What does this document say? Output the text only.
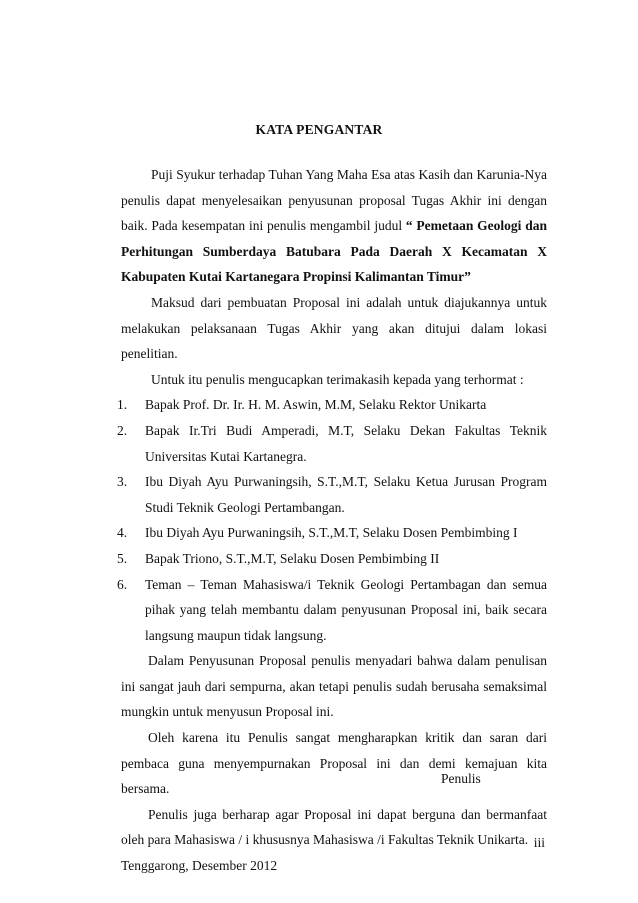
KATA PENGANTAR

Puji Syukur terhadap Tuhan Yang Maha Esa atas Kasih dan Karunia-Nya penulis dapat menyelesaikan penyusunan proposal Tugas Akhir ini dengan baik. Pada kesempatan ini penulis mengambil judul “ Pemetaan Geologi dan Perhitungan Sumberdaya Batubara Pada Daerah X Kecamatan X Kabupaten Kutai Kartanegara Propinsi Kalimantan Timur”

Maksud dari pembuatan Proposal ini adalah untuk diajukannya untuk melakukan pelaksanaan Tugas Akhir yang akan ditujui dalam lokasi penelitian.

Untuk itu penulis mengucapkan terimakasih kepada yang terhormat :

1. Bapak Prof. Dr. Ir. H. M. Aswin, M.M, Selaku Rektor Unikarta
2. Bapak Ir.Tri Budi Amperadi, M.T, Selaku Dekan Fakultas Teknik Universitas Kutai Kartanegra.
3. Ibu Diyah Ayu Purwaningsih, S.T.,M.T, Selaku Ketua Jurusan Program Studi Teknik Geologi Pertambangan.
4. Ibu Diyah Ayu Purwaningsih, S.T.,M.T, Selaku Dosen Pembimbing I
5. Bapak Triono, S.T.,M.T, Selaku Dosen Pembimbing II
6. Teman – Teman Mahasiswa/i Teknik Geologi Pertambagan dan semua pihak yang telah membantu dalam penyusunan Proposal ini, baik secara langsung maupun tidak langsung.

Dalam Penyusunan Proposal penulis menyadari bahwa dalam penulisan ini sangat jauh dari sempurna, akan tetapi penulis sudah berusaha semaksimal mungkin untuk menyusun Proposal ini.

Oleh karena itu Penulis sangat mengharapkan kritik dan saran dari pembaca guna menyempurnakan Proposal ini dan demi kemajuan kita bersama.

Penulis juga berharap agar Proposal ini dapat berguna dan bermanfaat oleh para Mahasiswa / i khususnya Mahasiswa /i Fakultas Teknik Unikarta.

Tenggarong, Desember 2012

Penulis
iii
